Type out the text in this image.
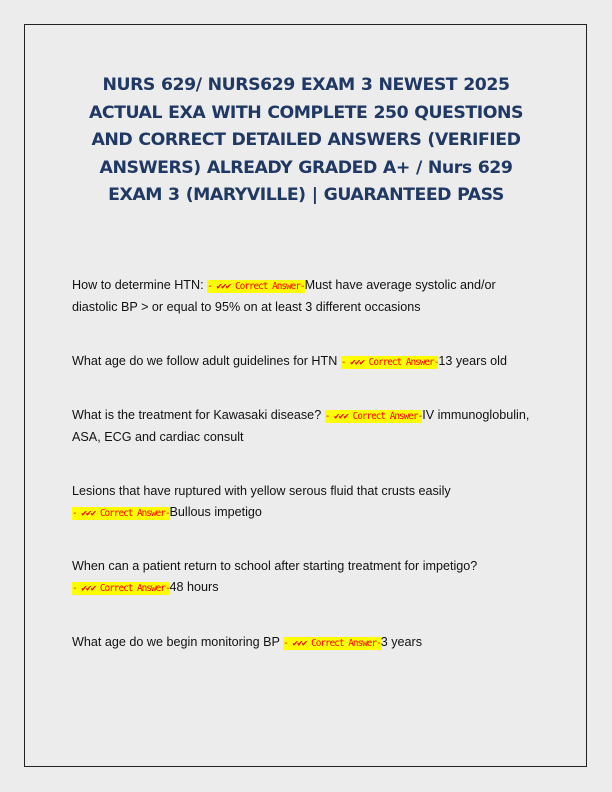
NURS 629/ NURS629 EXAM 3 NEWEST 2025 ACTUAL EXA WITH COMPLETE 250 QUESTIONS AND CORRECT DETAILED ANSWERS (VERIFIED ANSWERS) ALREADY GRADED A+ / Nurs 629 EXAM 3 (MARYVILLE) | GUARANTEED PASS

How to determine HTN: - ✔✔✔ Correct Answer-Must have average systolic and/or diastolic BP > or equal to 95% on at least 3 different occasions

What age do we follow adult guidelines for HTN - ✔✔✔ Correct Answer-13 years old

What is the treatment for Kawasaki disease? - ✔✔✔ Correct Answer-IV immunoglobulin, ASA, ECG and cardiac consult

Lesions that have ruptured with yellow serous fluid that crusts easily - ✔✔✔ Correct Answer-Bullous impetigo

When can a patient return to school after starting treatment for impetigo? - ✔✔✔ Correct Answer-48 hours

What age do we begin monitoring BP - ✔✔✔ Correct Answer-3 years
